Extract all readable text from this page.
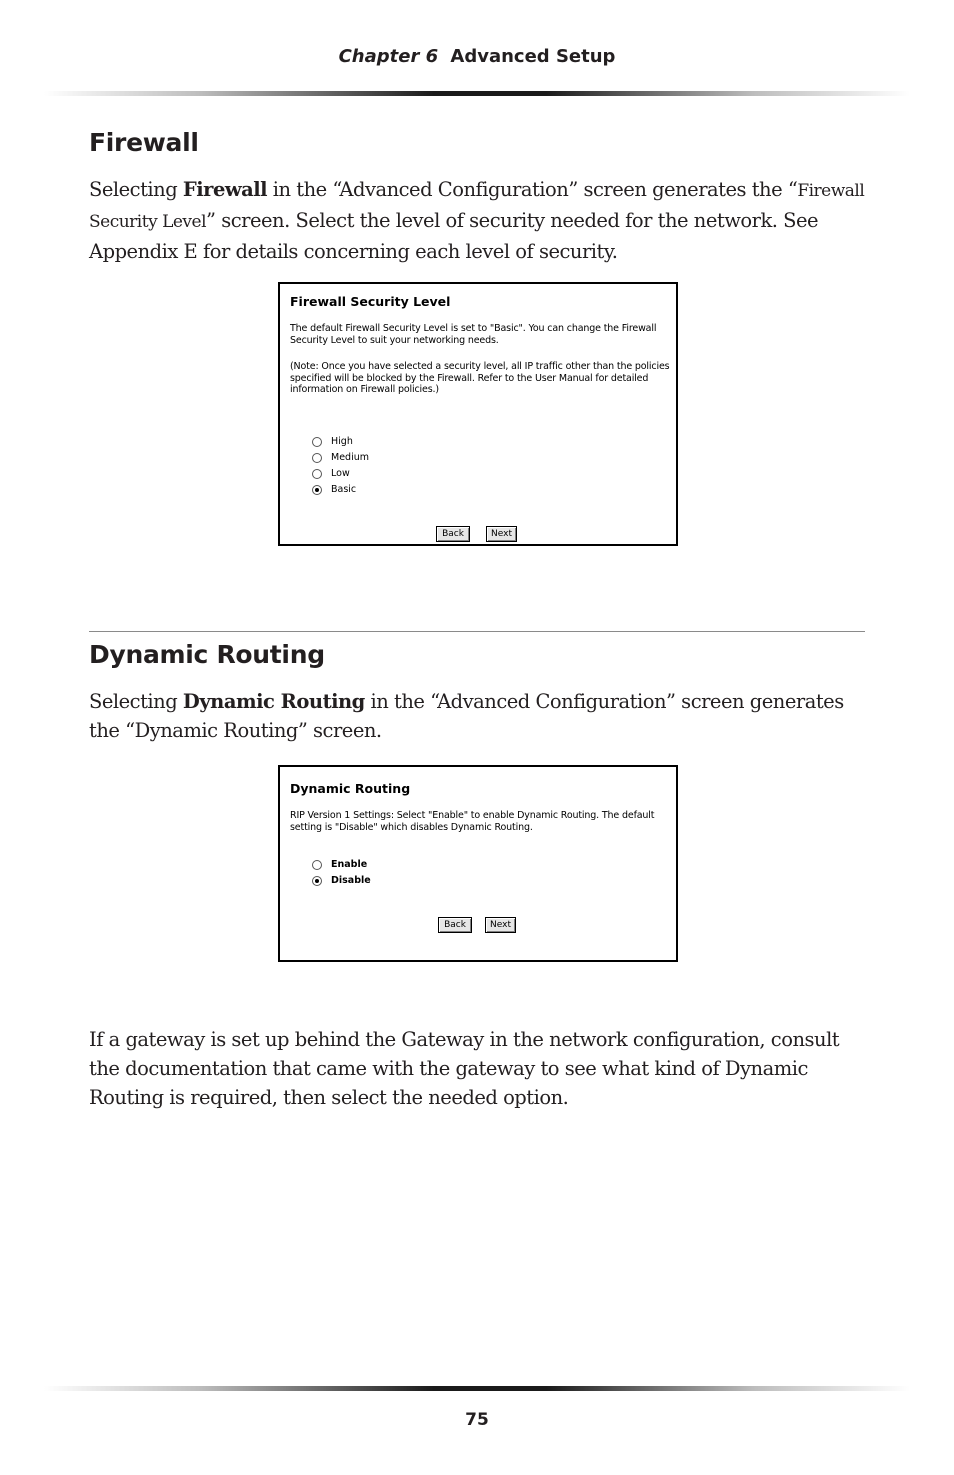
Chapter 6 Advanced Setup
Firewall

Selecting Firewall in the “Advanced Configuration” screen generates the “Firewall Security Level” screen. Select the level of security needed for the network. See Appendix E for details concerning each level of security.

Firewall Security Level

The default Firewall Security Level is set to "Basic". You can change the Firewall Security Level to suit your networking needs.

(Note: Once you have selected a security level, all IP traffic other than the policies specified will be blocked by the Firewall. Refer to the User Manual for detailed information on Firewall policies.)

High
Medium
Low
Basic
Back	Next
Dynamic Routing

Selecting Dynamic Routing in the “Advanced Configuration” screen generates the “Dynamic Routing” screen.

Dynamic Routing

RIP Version 1 Settings: Select "Enable" to enable Dynamic Routing. The default setting is "Disable" which disables Dynamic Routing.

Enable
Disable
Back	Next

If a gateway is set up behind the Gateway in the network configuration, consult the documentation that came with the gateway to see what kind of Dynamic Routing is required, then select the needed option.

75
